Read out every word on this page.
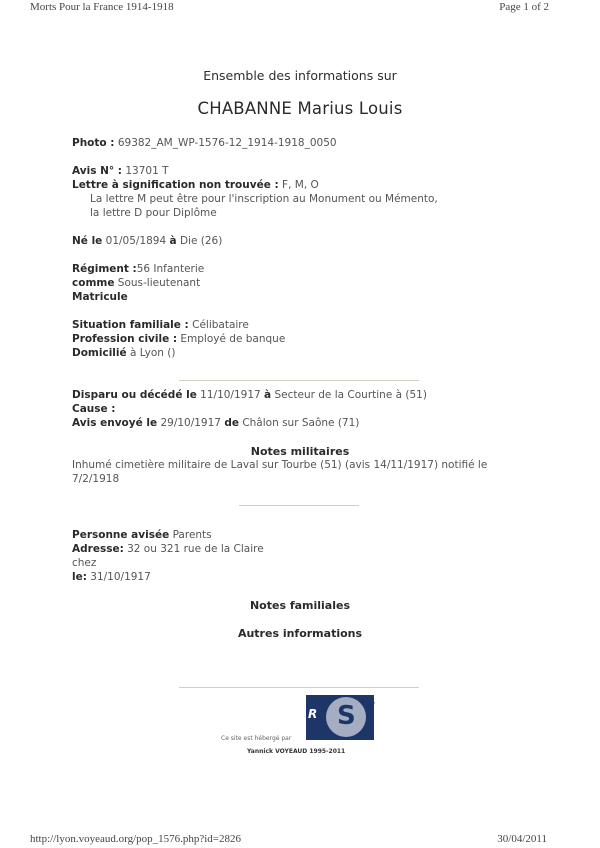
Morts Pour la France 1914-1918	Page 1 of 2
Ensemble des informations sur
CHABANNE Marius Louis
Photo : 69382_AM_WP-1576-12_1914-1918_0050
Avis N° : 13701 T
Lettre à signification non trouvée : F, M, O
La lettre M peut être pour l'inscription au Monument ou Mémento,
la lettre D pour Diplôme
Né le 01/05/1894 à Die (26)
Régiment :56 Infanterie
comme Sous-lieutenant
Matricule
Situation familiale : Célibataire
Profession civile : Employé de banque
Domicilié à Lyon ()
Disparu ou décédé le 11/10/1917 à Secteur de la Courtine à (51)
Cause :
Avis envoyé le 29/10/1917 de Châlon sur Saône (71)
Notes militaires
Inhumé cimetière militaire de Laval sur Tourbe (51) (avis 14/11/1917) notifié le
7/2/1918
Personne avisée Parents
Adresse: 32 ou 321 rue de la Claire
chez
le: 31/10/1917
Notes familiales
Autres informations
Ce site est hébergé par
R S H
P
Yannick VOYEAUD 1995-2011
http://lyon.voyeaud.org/pop_1576.php?id=2826	30/04/2011
